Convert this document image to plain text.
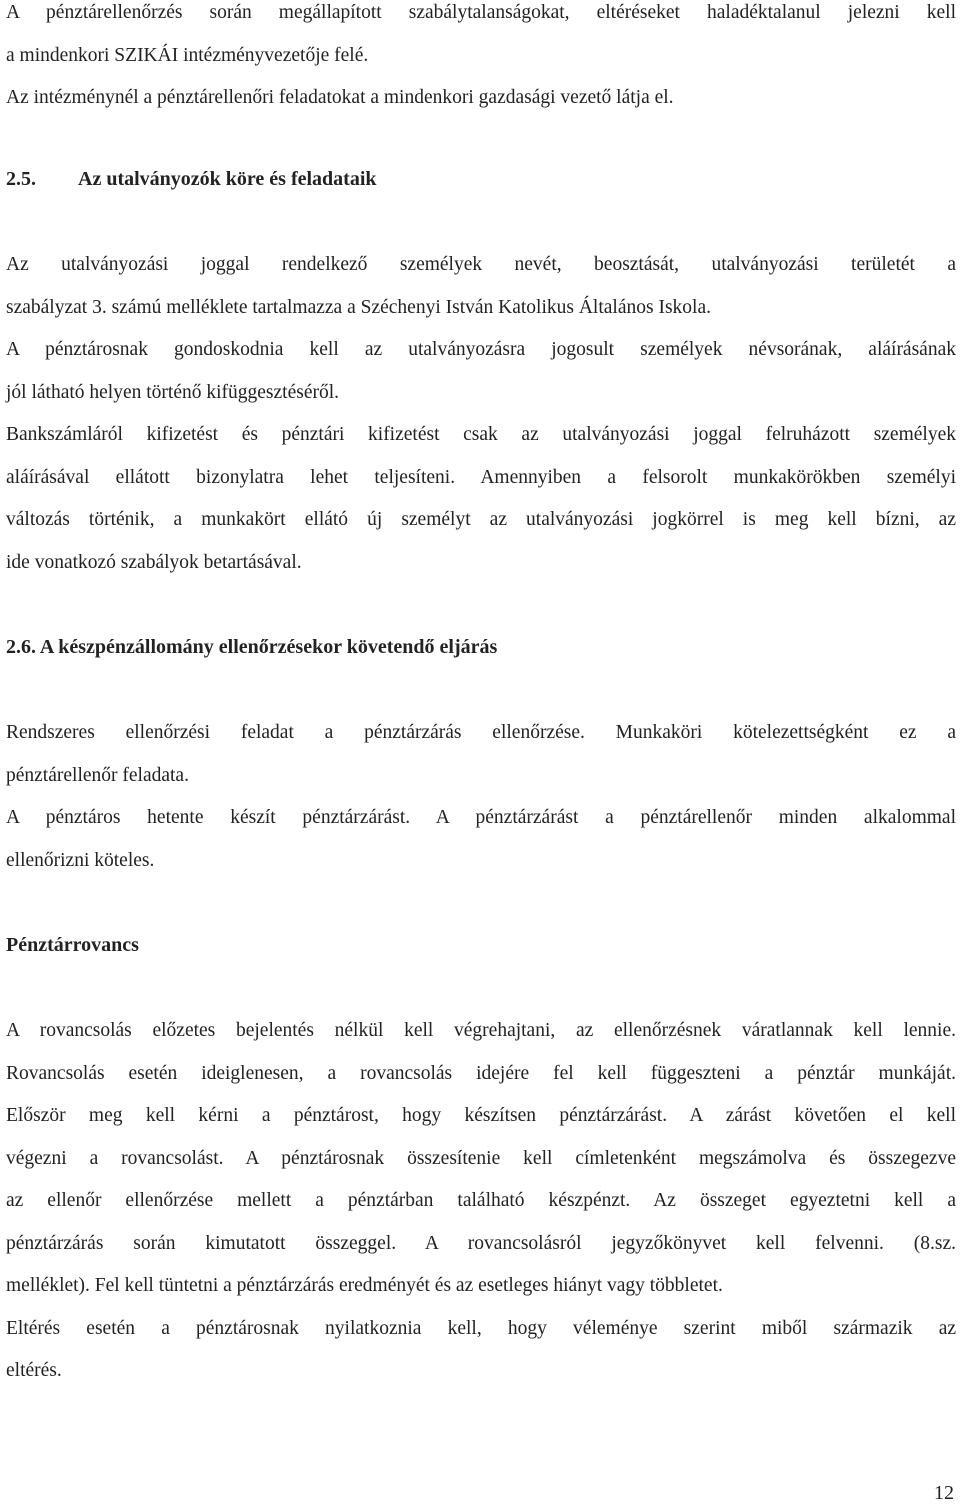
A pénztárellenőrzés során megállapított szabálytalanságokat, eltéréseket haladéktalanul jelezni kell
a mindenkori SZIKÁI intézményvezetője felé.
Az intézménynél a pénztárellenőri feladatokat a mindenkori gazdasági vezető látja el.
2.5. Az utalványozók köre és feladataik
Az utalványozási joggal rendelkező személyek nevét, beosztását, utalványozási területét a
szabályzat 3. számú melléklete tartalmazza a Széchenyi István Katolikus Általános Iskola.
A pénztárosnak gondoskodnia kell az utalványozásra jogosult személyek névsorának, aláírásának
jól látható helyen történő kifüggesztéséről.
Bankszámláról kifizetést és pénztári kifizetést csak az utalványozási joggal felruházott személyek
aláírásával ellátott bizonylatra lehet teljesíteni. Amennyiben a felsorolt munkakörökben személyi
változás történik, a munkakört ellátó új személyt az utalványozási jogkörrel is meg kell bízni, az
ide vonatkozó szabályok betartásával.
2.6. A készpénzállomány ellenőrzésekor követendő eljárás
Rendszeres ellenőrzési feladat a pénztárzárás ellenőrzése. Munkaköri kötelezettségként ez a
pénztárellenőr feladata.
A pénztáros hetente készít pénztárzárást. A pénztárzárást a pénztárellenőr minden alkalommal
ellenőrizni köteles.
Pénztárrovancs
A rovancsolás előzetes bejelentés nélkül kell végrehajtani, az ellenőrzésnek váratlannak kell lennie.
Rovancsolás esetén ideiglenesen, a rovancsolás idejére fel kell függeszteni a pénztár munkáját.
Először meg kell kérni a pénztárost, hogy készítsen pénztárzárást. A zárást követően el kell
végezni a rovancsolást. A pénztárosnak összesítenie kell címletenként megszámolva és összegezve
az ellenőr ellenőrzése mellett a pénztárban található készpénzt. Az összeget egyeztetni kell a
pénztárzárás során kimutatott összeggel. A rovancsolásról jegyzőkönyvet kell felvenni. (8.sz.
melléklet). Fel kell tüntetni a pénztárzárás eredményét és az esetleges hiányt vagy többletet.
Eltérés esetén a pénztárosnak nyilatkoznia kell, hogy véleménye szerint miből származik az
eltérés.
12
